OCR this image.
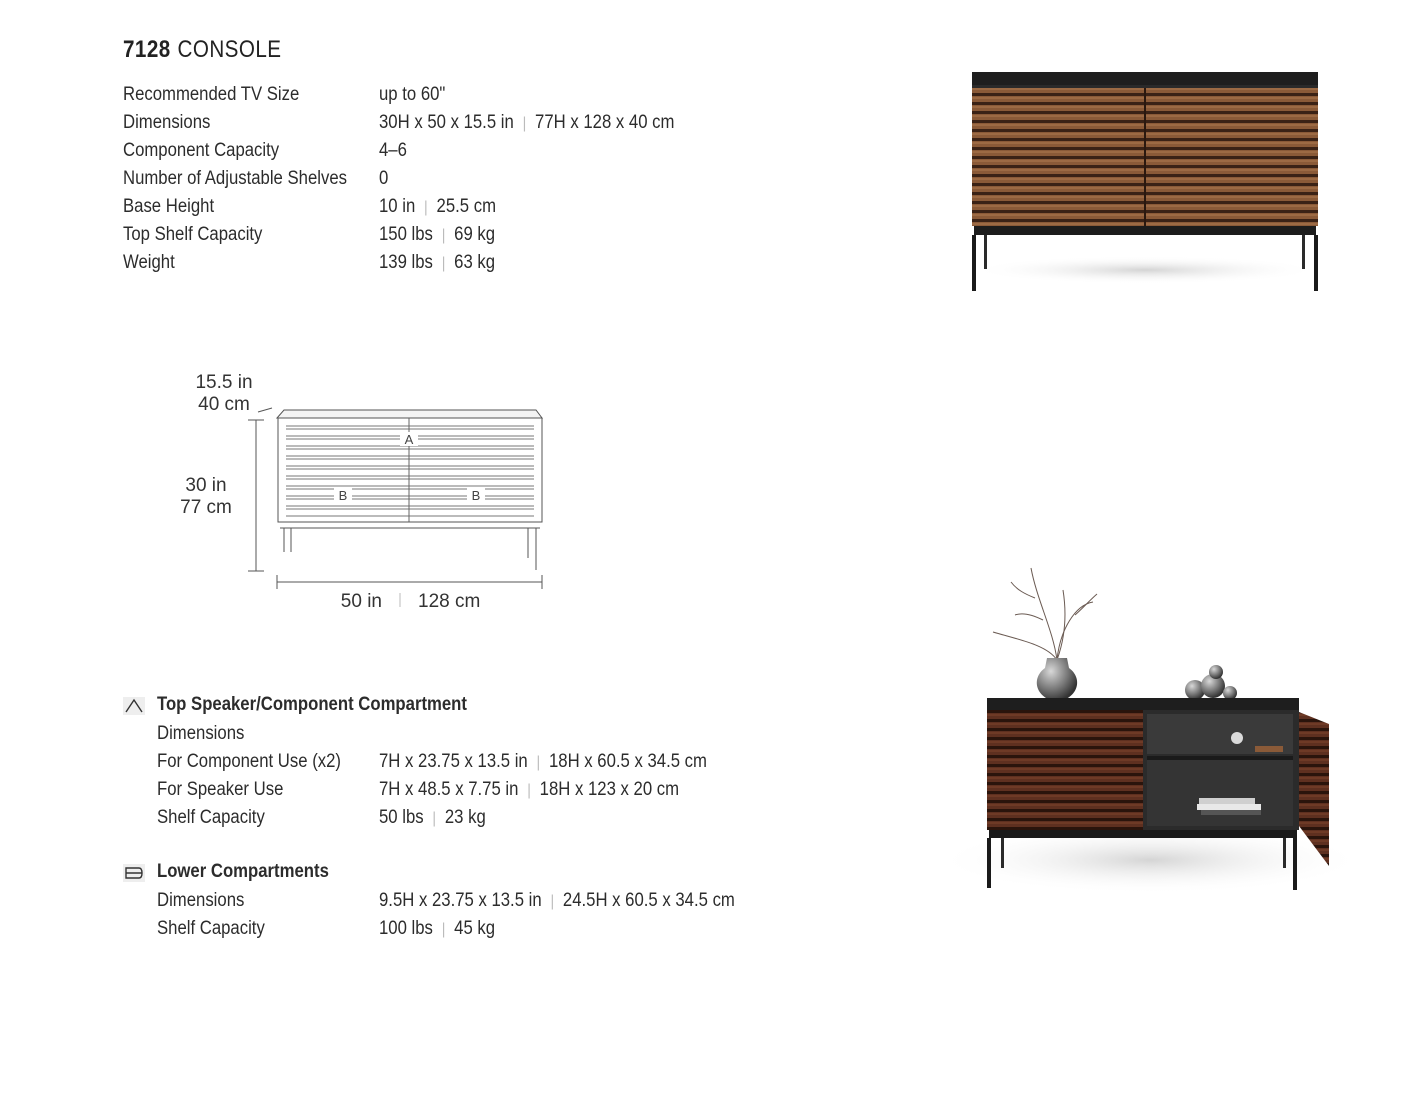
7128 CONSOLE
Recommended TV Size	up to 60"
Dimensions	30H x 50 x 15.5 in | 77H x 128 x 40 cm
Component Capacity	4–6
Number of Adjustable Shelves 0
Base Height	10 in | 25.5 cm
Top Shelf Capacity	150 lbs | 69 kg
Weight	139 lbs | 63 kg
A
B	B
15.5 in
40 cm
30 in
77 cm
50 in 128 cm
Top Speaker/Component Compartment
Dimensions
For Component Use (x2) 7H x 23.75 x 13.5 in | 18H x 60.5 x 34.5 cm
For Speaker Use	7H x 48.5 x 7.75 in | 18H x 123 x 20 cm
Shelf Capacity	50 lbs | 23 kg
Lower Compartments
Dimensions	9.5H x 23.75 x 13.5 in | 24.5H x 60.5 x 34.5 cm
Shelf Capacity	100 lbs | 45 kg
